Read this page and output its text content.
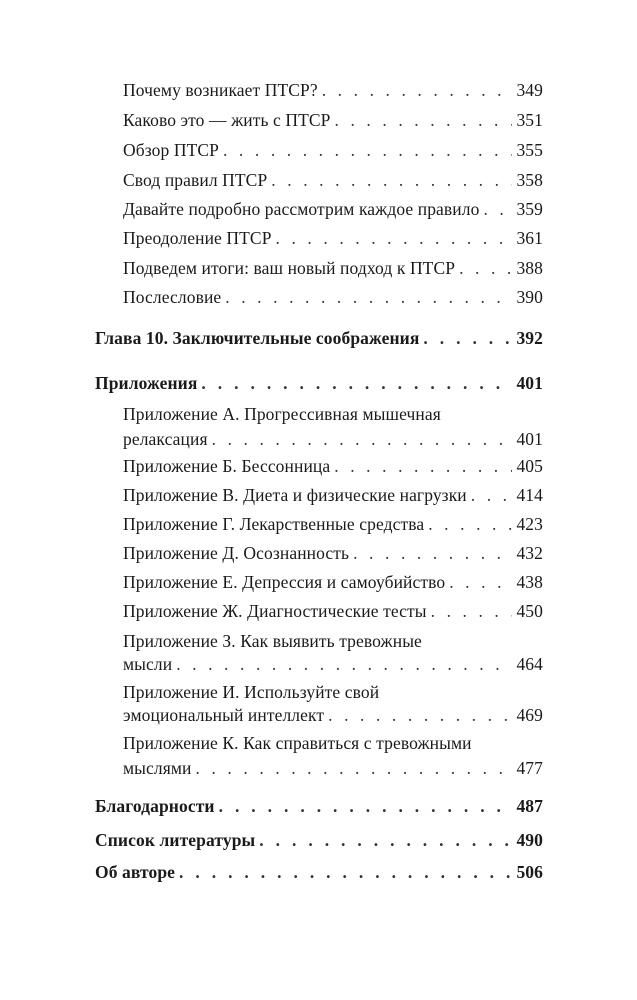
Почему возникает ПТСР? . . .	349
Каково это — жить с ПТСР . . .	351
Обзор ПТСР . . .	355
Свод правил ПТСР . . .	358
Давайте подробно рассмотрим каждое правило . . . 359
Преодоление ПТСР . . .	361
Подведем итоги: ваш новый подход к ПТСР . . .	388
Послесловие . . .	390
Глава 10. Заключительные соображения . . .	392
Приложения . . .	401
Приложение А. Прогрессивная мышечная
релаксация . . .	401
Приложение Б. Бессонница . . .	405
Приложение В. Диета и физические нагрузки . . .	414
Приложение Г. Лекарственные средства . . .	423
Приложение Д. Осознанность . . .	432
Приложение Е. Депрессия и самоубийство . . .	438
Приложение Ж. Диагностические тесты . . .	450
Приложение З. Как выявить тревожные
мысли . . .	464
Приложение И. Используйте свой
эмоциональный интеллект . . .	469
Приложение К. Как справиться с тревожными
мыслями . . .	477
Благодарности . . .	487
Список литературы . . .	490
Об авторе . . .	506
